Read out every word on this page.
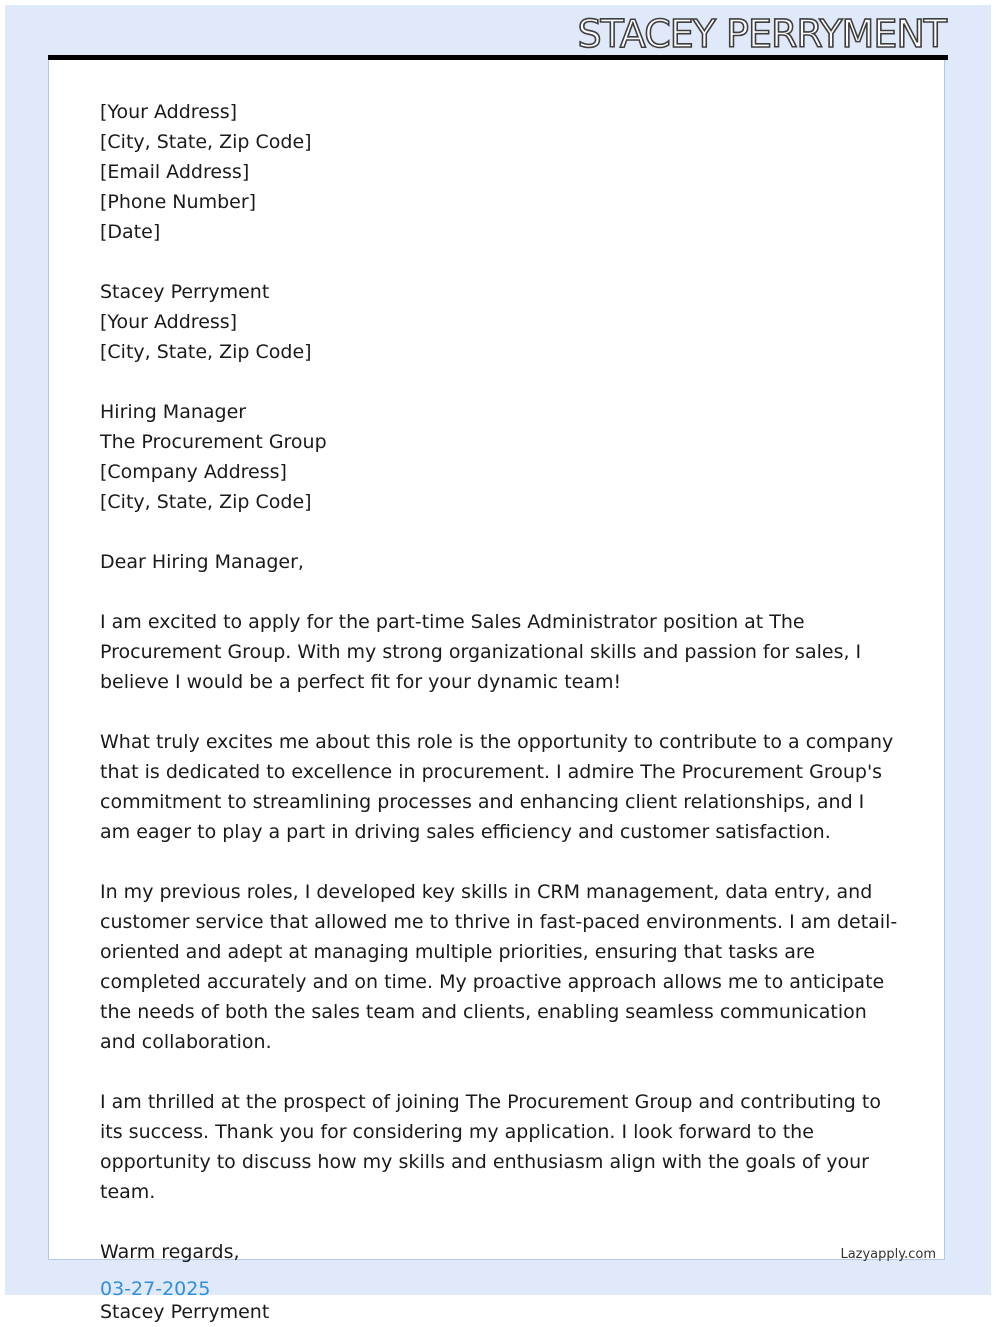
STACEY PERRYMENT
[Your Address]
[City, State, Zip Code]
[Email Address]
[Phone Number]
[Date]
Stacey Perryment
[Your Address]
[City, State, Zip Code]
Hiring Manager
The Procurement Group
[Company Address]
[City, State, Zip Code]
Dear Hiring Manager,
I am excited to apply for the part-time Sales Administrator position at The Procurement Group. With my strong organizational skills and passion for sales, I believe I would be a perfect fit for your dynamic team!
What truly excites me about this role is the opportunity to contribute to a company that is dedicated to excellence in procurement. I admire The Procurement Group's commitment to streamlining processes and enhancing client relationships, and I am eager to play a part in driving sales efficiency and customer satisfaction.
In my previous roles, I developed key skills in CRM management, data entry, and customer service that allowed me to thrive in fast-paced environments. I am detail-oriented and adept at managing multiple priorities, ensuring that tasks are completed accurately and on time. My proactive approach allows me to anticipate the needs of both the sales team and clients, enabling seamless communication and collaboration.
I am thrilled at the prospect of joining The Procurement Group and contributing to its success. Thank you for considering my application. I look forward to the opportunity to discuss how my skills and enthusiasm align with the goals of your team.
Warm regards,
Stacey Perryment
Lazyapply.com
03-27-2025
